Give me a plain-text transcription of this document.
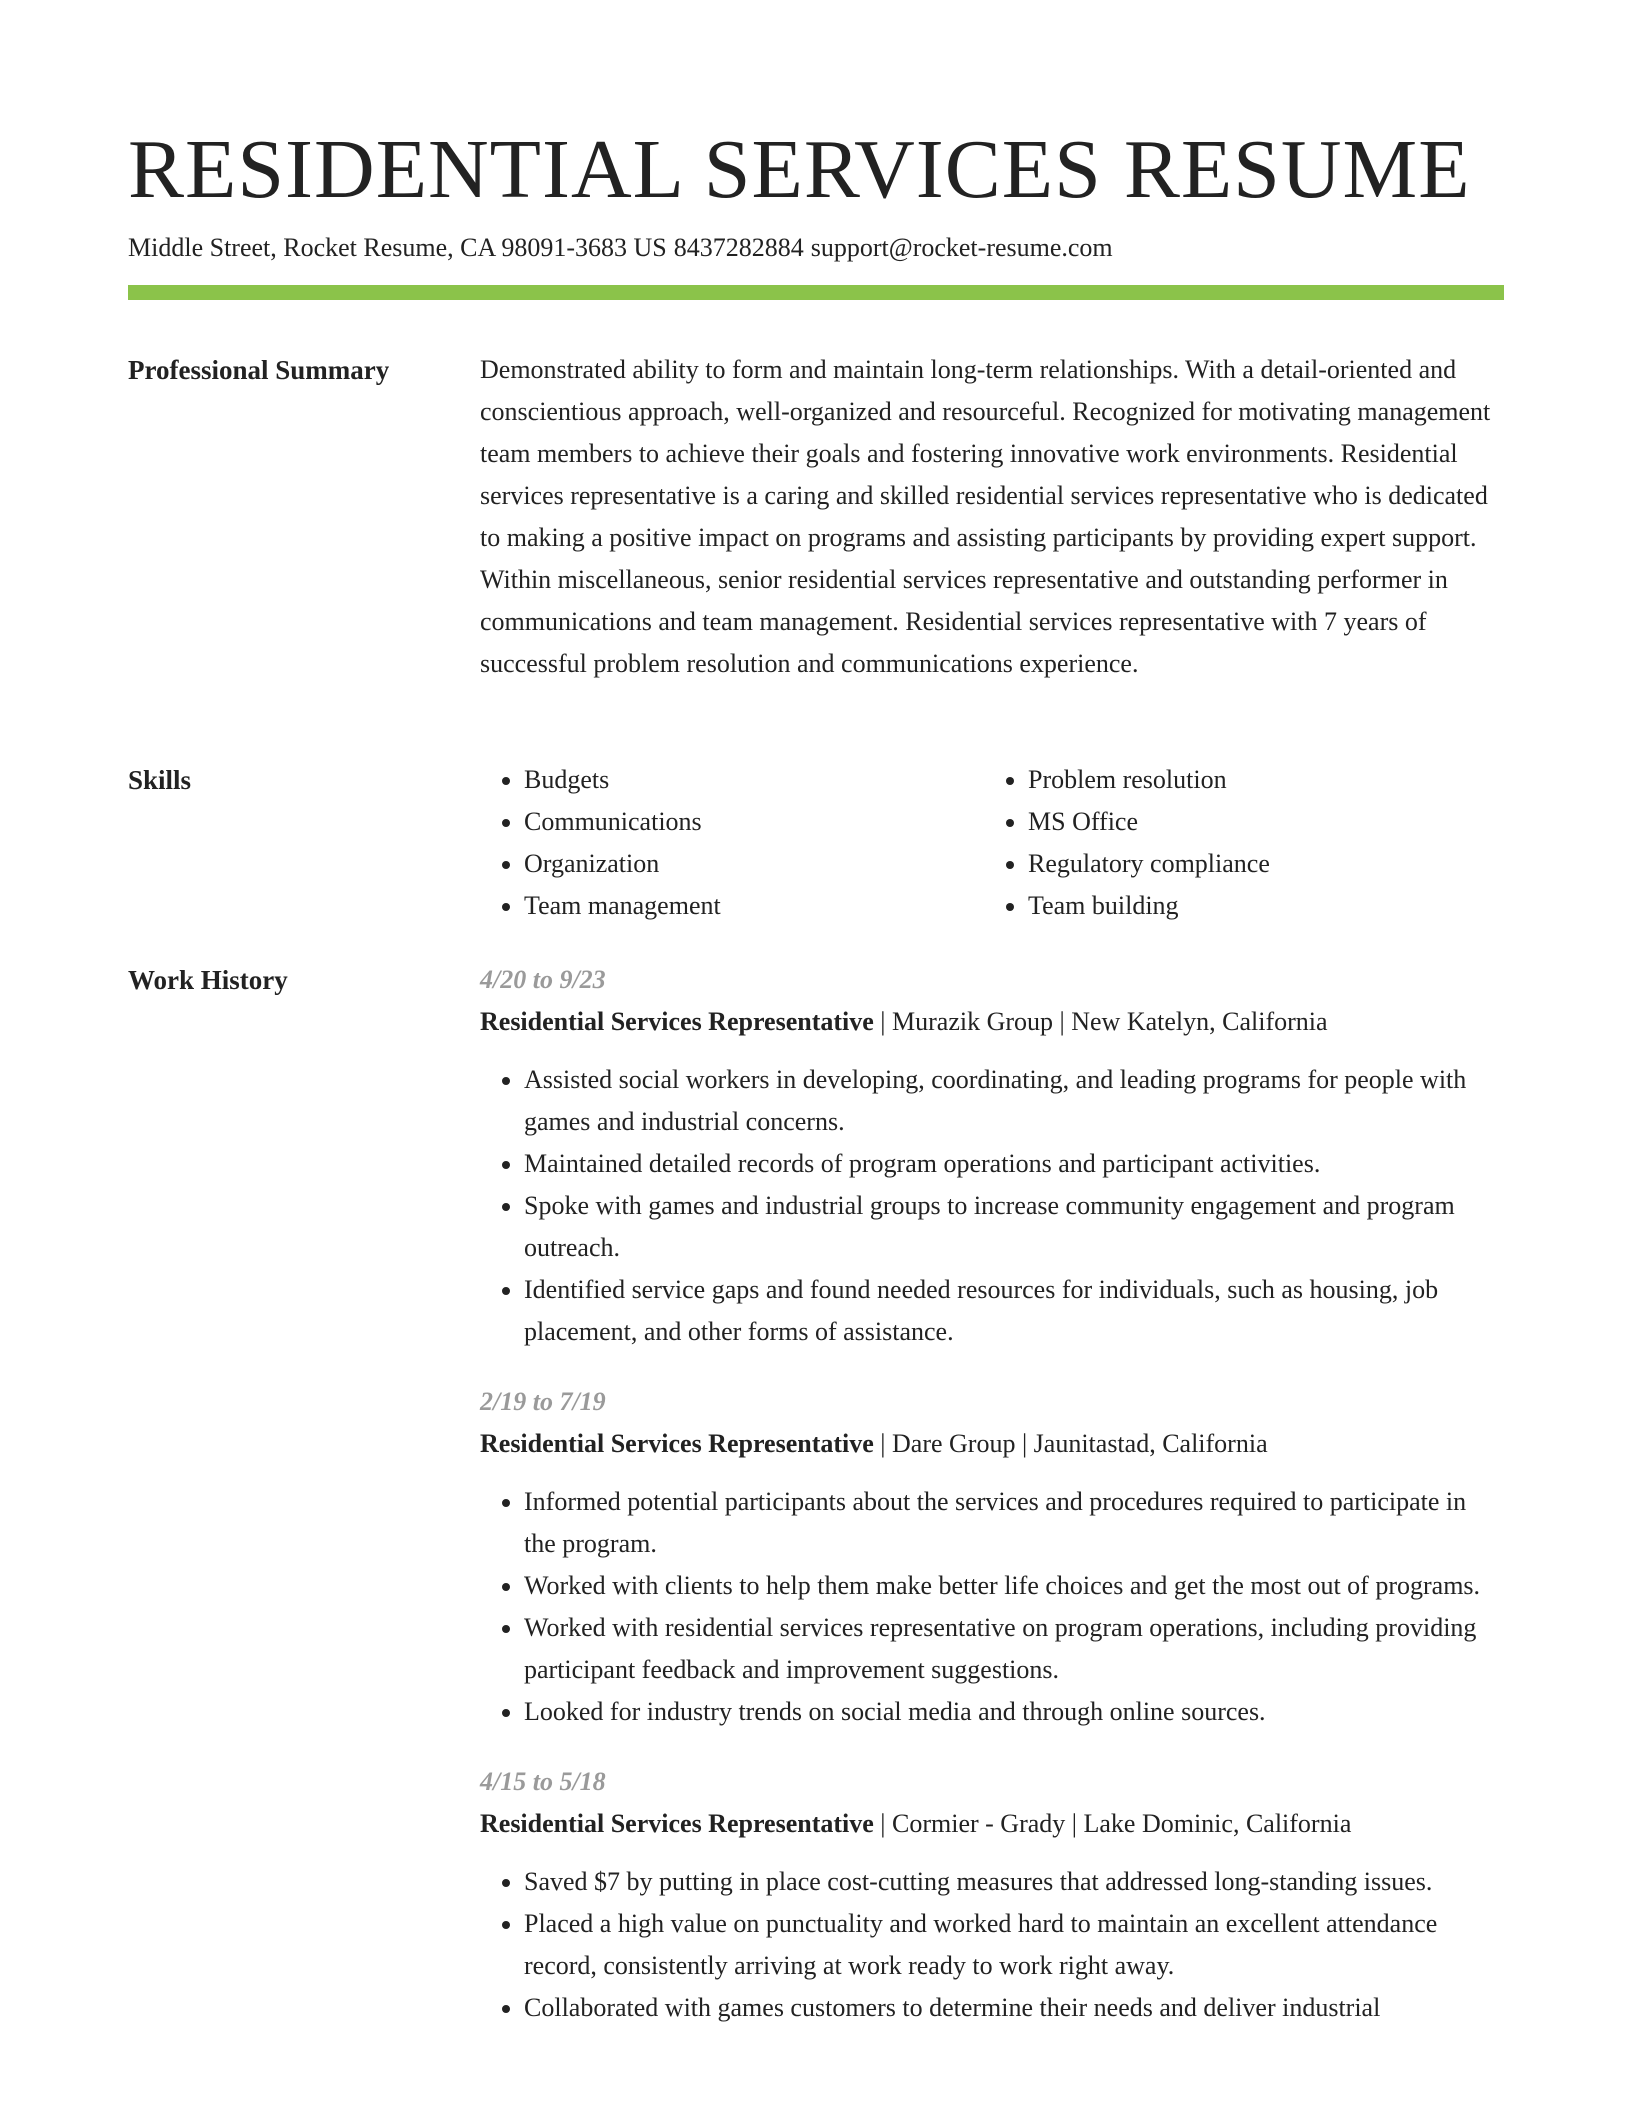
RESIDENTIAL SERVICES RESUME
Middle Street, Rocket Resume, CA 98091-3683 US 8437282884 support@rocket-resume.com
Professional Summary	Demonstrated ability to form and maintain long-term relationships. With a detail-oriented and conscientious approach, well-organized and resourceful. Recognized for motivating management team members to achieve their goals and fostering innovative work environments. Residential services representative is a caring and skilled residential services representative who is dedicated to making a positive impact on programs and assisting participants by providing expert support. Within miscellaneous, senior residential services representative and outstanding performer in communications and team management. Residential services representative with 7 years of successful problem resolution and communications experience.

Skills
•	Budgets
• Communications
• Organization
• Team management
• Problem resolution
• MS Office
• Regulatory compliance
• Team building
Work History	4/20 to 9/23
Residential Services Representative | Murazik Group | New Katelyn, California
• Assisted social workers in developing, coordinating, and leading programs for people with games and industrial concerns.
• Maintained detailed records of program operations and participant activities.
• Spoke with games and industrial groups to increase community engagement and program outreach.
• Identified service gaps and found needed resources for individuals, such as housing, job placement, and other forms of assistance.
2/19 to 7/19
Residential Services Representative | Dare Group | Jaunitastad, California
• Informed potential participants about the services and procedures required to participate in the program.
• Worked with clients to help them make better life choices and get the most out of programs.
• Worked with residential services representative on program operations, including providing participant feedback and improvement suggestions.
• Looked for industry trends on social media and through online sources.
4/15 to 5/18
Residential Services Representative | Cormier - Grady | Lake Dominic, California
• Saved $7 by putting in place cost-cutting measures that addressed long-standing issues.
• Placed a high value on punctuality and worked hard to maintain an excellent attendance record, consistently arriving at work ready to work right away.
• Collaborated with games customers to determine their needs and deliver industrial
